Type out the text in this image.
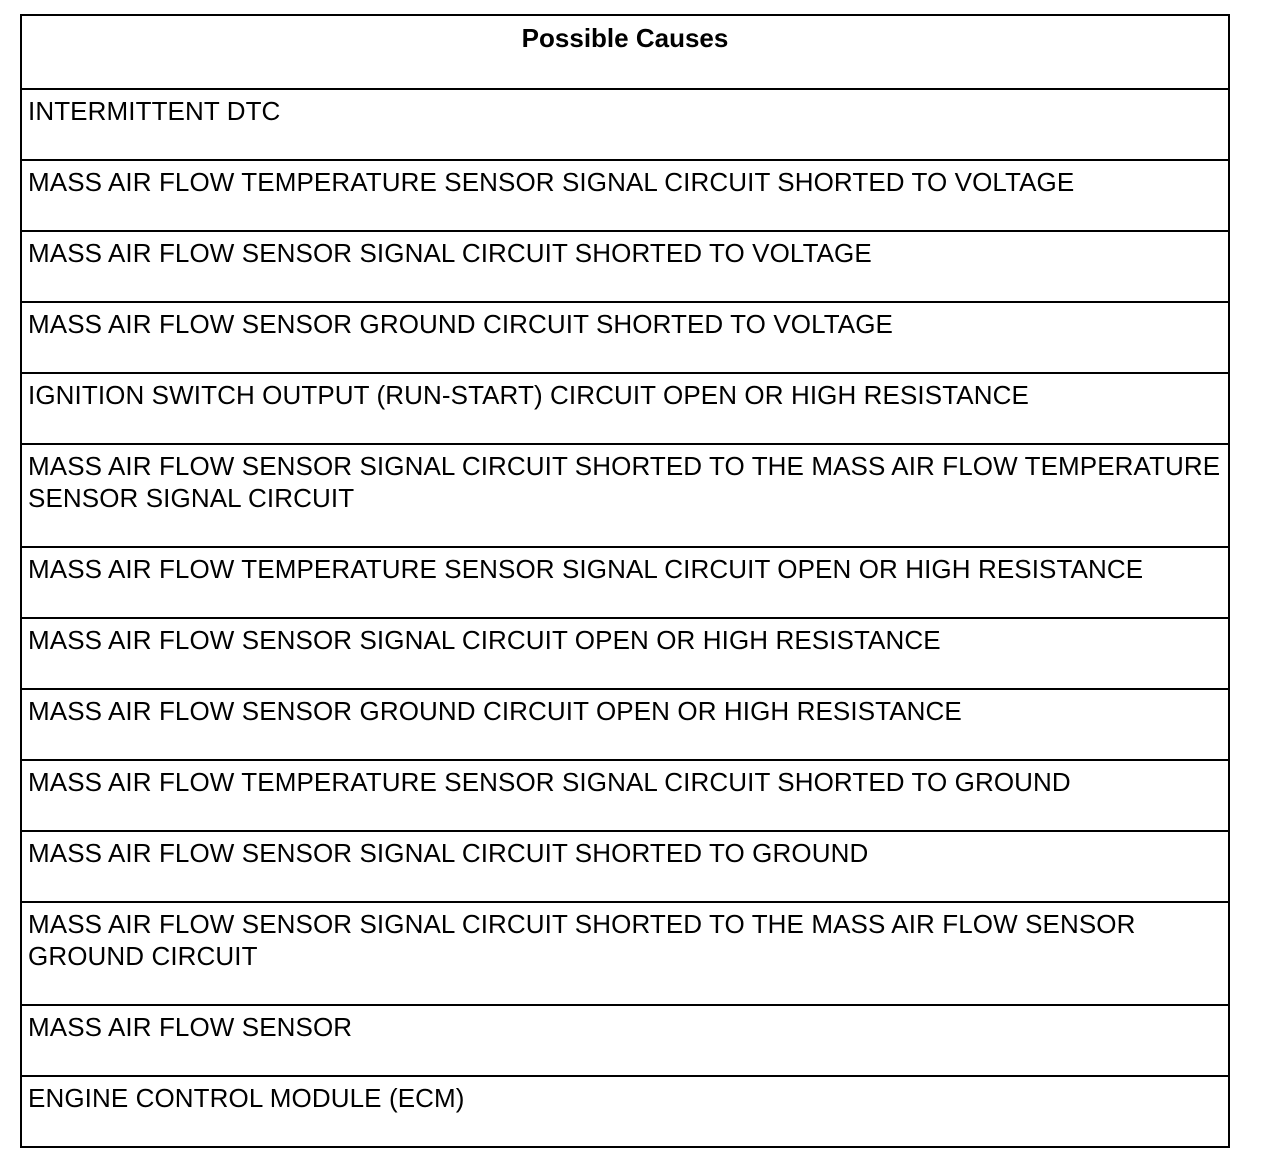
Possible Causes
INTERMITTENT DTC
MASS AIR FLOW TEMPERATURE SENSOR SIGNAL CIRCUIT SHORTED TO VOLTAGE
MASS AIR FLOW SENSOR SIGNAL CIRCUIT SHORTED TO VOLTAGE
MASS AIR FLOW SENSOR GROUND CIRCUIT SHORTED TO VOLTAGE
IGNITION SWITCH OUTPUT (RUN-START) CIRCUIT OPEN OR HIGH RESISTANCE
MASS AIR FLOW SENSOR SIGNAL CIRCUIT SHORTED TO THE MASS AIR FLOW TEMPERATURE SENSOR SIGNAL CIRCUIT
MASS AIR FLOW TEMPERATURE SENSOR SIGNAL CIRCUIT OPEN OR HIGH RESISTANCE
MASS AIR FLOW SENSOR SIGNAL CIRCUIT OPEN OR HIGH RESISTANCE
MASS AIR FLOW SENSOR GROUND CIRCUIT OPEN OR HIGH RESISTANCE
MASS AIR FLOW TEMPERATURE SENSOR SIGNAL CIRCUIT SHORTED TO GROUND
MASS AIR FLOW SENSOR SIGNAL CIRCUIT SHORTED TO GROUND
MASS AIR FLOW SENSOR SIGNAL CIRCUIT SHORTED TO THE MASS AIR FLOW SENSOR GROUND CIRCUIT
MASS AIR FLOW SENSOR
ENGINE CONTROL MODULE (ECM)
